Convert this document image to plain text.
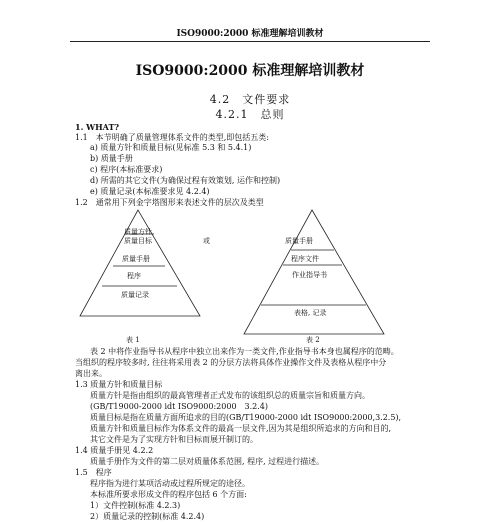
ISO9000:2000 标准理解培训教材
ISO9000:2000 标准理解培训教材
4.2　文件要求
4.2.1　总则
1. WHAT?
1.1　本节明确了质量管理体系文件的类型,即包括五类:
a) 质量方针和质量目标(见标准 5.3 和 5.4.1)
b) 质量手册
c) 程序(本标准要求)
d) 所需的其它文件(为确保过程有效策划, 运作和控制)
e) 质量记录(本标准要求见 4.2.4)
1.2　通常用下列金字塔图形来表述文件的层次及类型
质量方针
质量目标
质量手册
程序
质量记录
或	质量手册
程序文件
作业指导书
表格, 记录
表 1	表 2
表 2 中将作业指导书从程序中独立出来作为一类文件,作业指导书本身也属程序的范畴。
当组织的程序较多时, 往往将采用表 2 的分层方法将具体作业操作文件及表格从程序中分
离出来。
1.3 质量方针和质量目标
质量方针是指由组织的最高管理者正式发布的该组织总的质量宗旨和质量方向。
(GB/T19000-2000 idt ISO9000:2000　3.2.4)
质量目标是指在质量方面所追求的目的(GB/T19000-2000 idt ISO9000:2000,3.2.5),
质量方针和质量目标作为体系文件的最高一层文件,因为其是组织所追求的方向和目的,
其它文件是为了实现方针和目标而展开制订的。
1.4 质量手册见 4.2.2
质量手册作为文件的第二层对质量体系范围, 程序, 过程进行描述。
1.5　程序
程序指为进行某项活动或过程所规定的途径。
本标准所要求形成文件的程序包括 6 个方面:
1）文件控制(标准 4.2.3)
2）质量记录的控制(标准 4.2.4)
